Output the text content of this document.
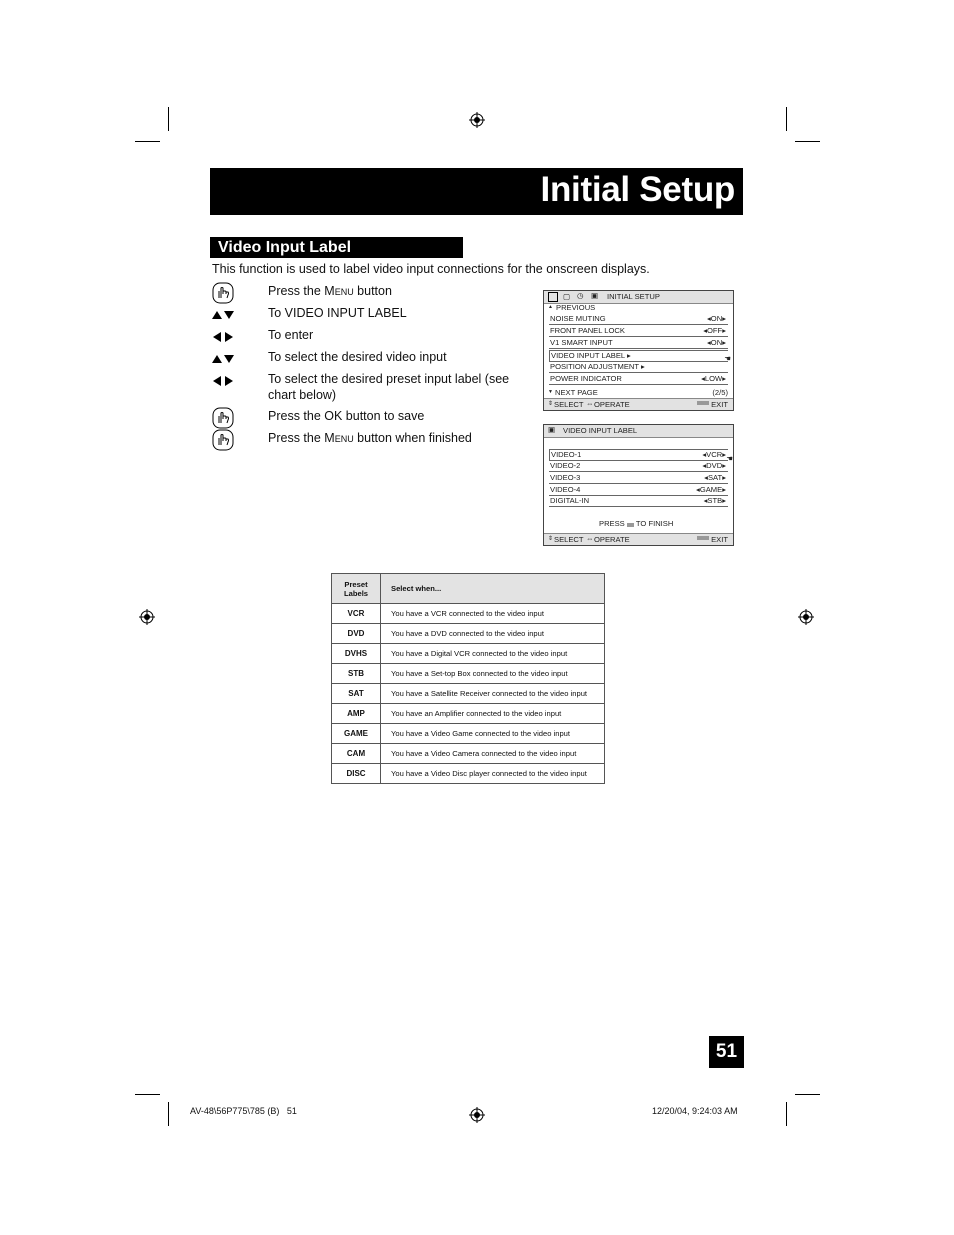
Initial Setup
Video Input Label
This function is used to label video input connections for the onscreen displays.
Press the Menu button
To VIDEO INPUT LABEL
To enter
To select the desired video input
To select the desired preset input label (see chart below)
Press the OK button to save
Press the Menu button when finished
▢ ◷ ▣ INITIAL SETUP
▲ PREVIOUS
NOISE MUTING	◂ON▸
FRONT PANEL LOCK	◂OFF▸
V1 SMART INPUT	◂ON▸
VIDEO INPUT LABEL ▸	☚
POSITION ADJUSTMENT ▸
POWER INDICATOR	◂LOW▸
▼ NEXT PAGE	(2/5)
⇕ SELECT ⇔ OPERATE	MENU EXIT
▣ VIDEO INPUT LABEL
VIDEO-1	◂VCR▸ ☚
VIDEO-2	◂DVD▸
VIDEO-3	◂SAT▸
VIDEO-4	◂GAME▸
DIGITAL-IN	◂STB▸
PRESS OK TO FINISH
⇕ SELECT ⇔ OPERATE	MENU EXIT
Preset Labels	Select when...
VCR	You have a VCR connected to the video input
DVD	You have a DVD connected to the video input
DVHS	You have a Digital VCR connected to the video input
STB	You have a Set-top Box connected to the video input
SAT	You have a Satellite Receiver connected to the video input
AMP	You have an Amplifier connected to the video input
GAME	You have a Video Game connected to the video input
CAM	You have a Video Camera connected to the video input
DISC	You have a Video Disc player connected to the video input
51
AV-48\56P775\785 (B)   51	12/20/04, 9:24:03 AM
